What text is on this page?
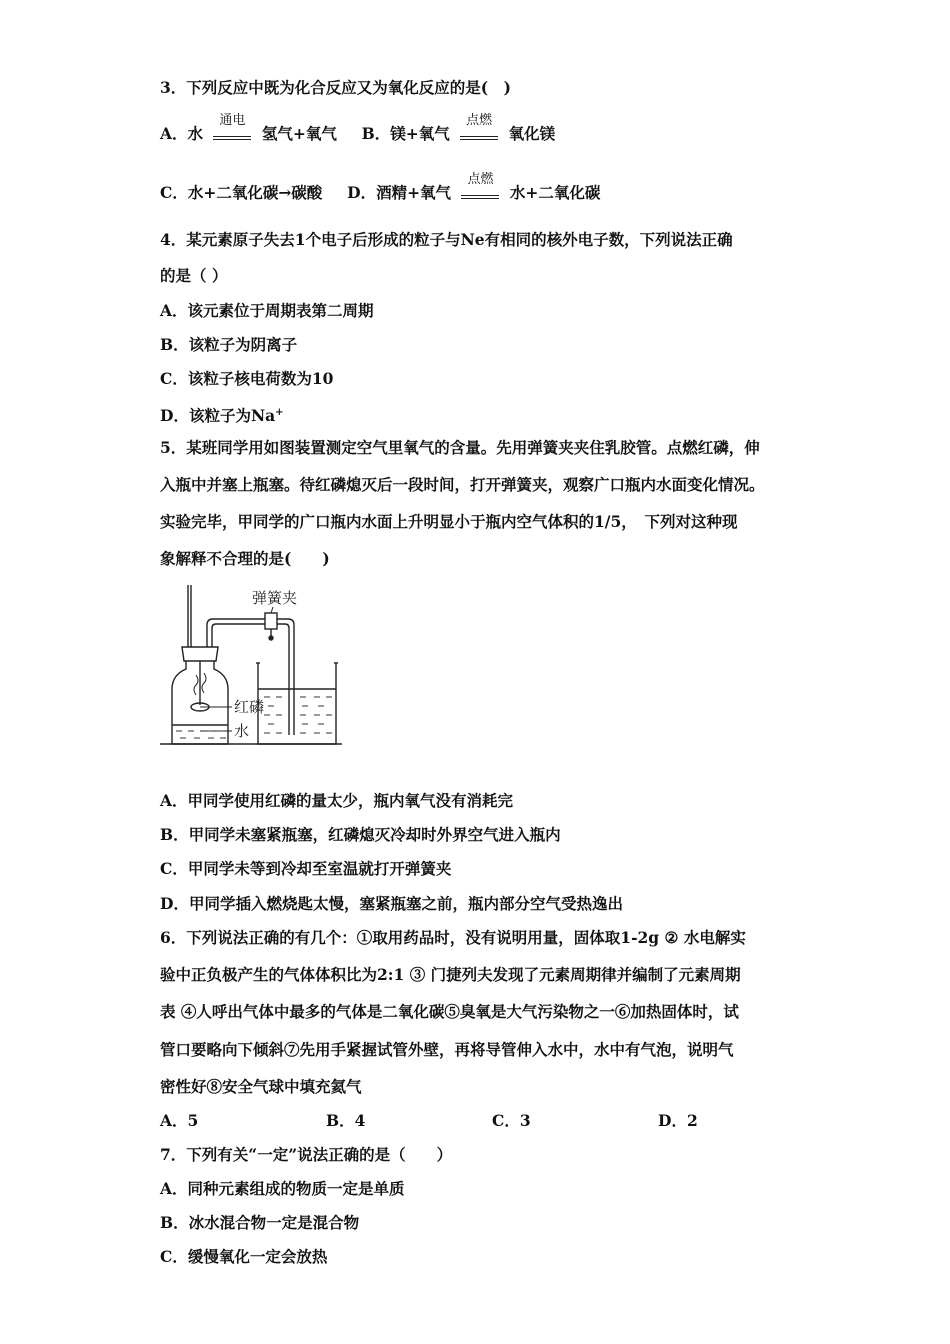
3．下列反应中既为化合反应又为氧化反应的是(　)
A．水
通电
氢气+氧气 B．镁+氧气
点燃
氧化镁
C．水+二氧化碳→碳酸 D．酒精+氧气
点燃
水+二氧化碳
4．某元素原子失去1个电子后形成的粒子与Ne有相同的核外电子数，下列说法正确
的是（ ）
A．该元素位于周期表第二周期
B．该粒子为阴离子
C．该粒子核电荷数为10
D．该粒子为Na+
5．某班同学用如图装置测定空气里氧气的含量。先用弹簧夹夹住乳胶管。点燃红磷，伸
入瓶中并塞上瓶塞。待红磷熄灭后一段时间，打开弹簧夹，观察广口瓶内水面变化情况。
实验完毕，甲同学的广口瓶内水面上升明显小于瓶内空气体积的1/5，　下列对这种现
象解释不合理的是(　　)
弹簧夹
红磷
水
A．甲同学使用红磷的量太少，瓶内氧气没有消耗完
B．甲同学未塞紧瓶塞，红磷熄灭冷却时外界空气进入瓶内
C．甲同学未等到冷却至室温就打开弹簧夹
D．甲同学插入燃烧匙太慢，塞紧瓶塞之前，瓶内部分空气受热逸出
6．下列说法正确的有几个：①取用药品时，没有说明用量，固体取1-2g ② 水电解实
验中正负极产生的气体体积比为2:1 ③ 门捷列夫发现了元素周期律并编制了元素周期
表 ④人呼出气体中最多的气体是二氧化碳⑤臭氧是大气污染物之一⑥加热固体时，试
管口要略向下倾斜⑦先用手紧握试管外壁，再将导管伸入水中，水中有气泡，说明气
密性好⑧安全气球中填充氦气
A．5	B．4	C．3	D．2
7．下列有关“一定”说法正确的是（　　）
A．同种元素组成的物质一定是单质
B．冰水混合物一定是混合物
C．缓慢氧化一定会放热
